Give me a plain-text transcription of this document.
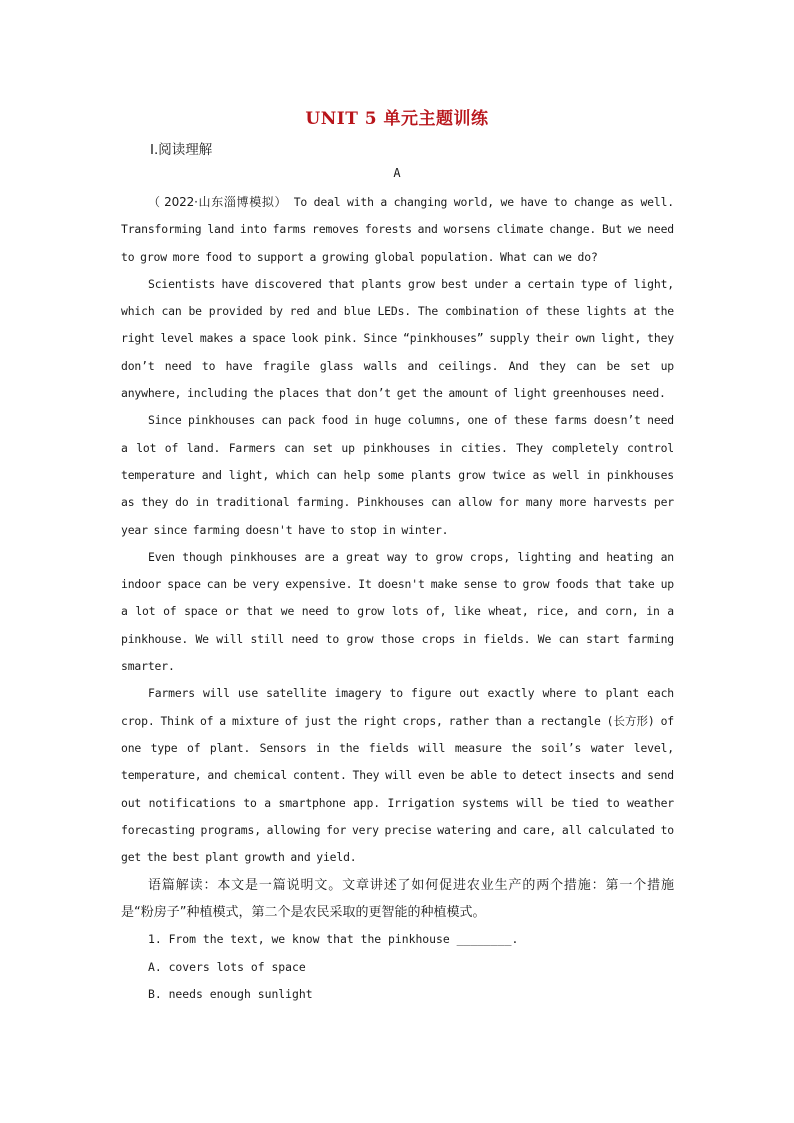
UNIT 5 单元主题训练
Ⅰ.阅读理解
A

（ 2022·山东淄博模拟） To deal with a changing world, we have to change as well. Transforming land into farms removes forests and worsens climate change. But we need to grow more food to support a growing global population. What can we do?

Scientists have discovered that plants grow best under a certain type of light, which can be provided by red and blue LEDs. The combination of these lights at the right level makes a space look pink. Since “pinkhouses” supply their own light, they don’t need to have fragile glass walls and ceilings. And they can be set up anywhere, including the places that don’t get the amount of light greenhouses need.

Since pinkhouses can pack food in huge columns, one of these farms doesn’t need a lot of land. Farmers can set up pinkhouses in cities. They completely control temperature and light, which can help some plants grow twice as well in pinkhouses as they do in traditional farming. Pinkhouses can allow for many more harvests per year since farming doesn't have to stop in winter.

Even though pinkhouses are a great way to grow crops, lighting and heating an indoor space can be very expensive. It doesn't make sense to grow foods that take up a lot of space or that we need to grow lots of, like wheat, rice, and corn, in a pinkhouse. We will still need to grow those crops in fields. We can start farming smarter.

Farmers will use satellite imagery to figure out exactly where to plant each crop. Think of a mixture of just the right crops, rather than a rectangle (长方形) of one type of plant. Sensors in the fields will measure the soil’s water level, temperature, and chemical content. They will even be able to detect insects and send out notifications to a smartphone app. Irrigation systems will be tied to weather forecasting programs, allowing for very precise watering and care, all calculated to get the best plant growth and yield.

语篇解读：本文是一篇说明文。文章讲述了如何促进农业生产的两个措施：第一个措施是“粉房子”种植模式，第二个是农民采取的更智能的种植模式。

1. From the text, we know that the pinkhouse ________.

A. covers lots of space

B. needs enough sunlight
